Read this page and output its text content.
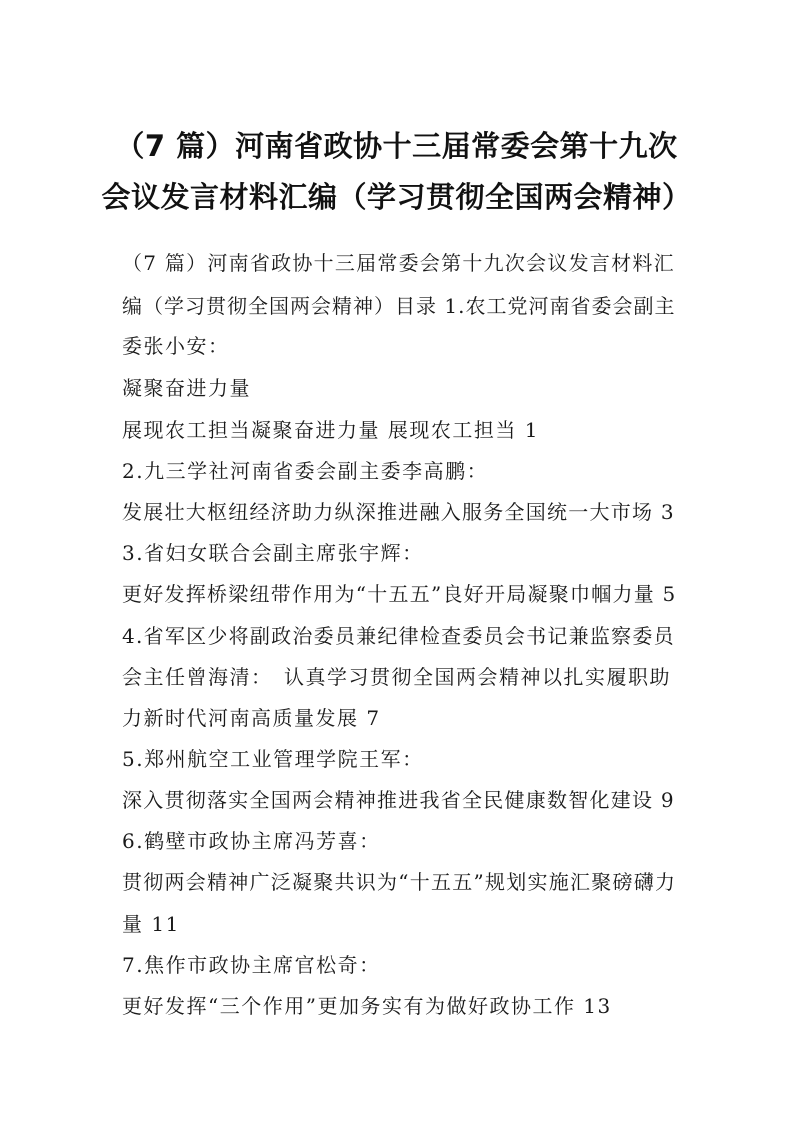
（7 篇）河南省政协十三届常委会第十九次
会议发言材料汇编（学习贯彻全国两会精神）
（7 篇）河南省政协十三届常委会第十九次会议发言材料汇
编（学习贯彻全国两会精神）目录 1.农工党河南省委会副主
委张小安：
凝聚奋进力量
展现农工担当凝聚奋进力量 展现农工担当 1
2.九三学社河南省委会副主委李高鹏：
发展壮大枢纽经济助力纵深推进融入服务全国统一大市场 3
3.省妇女联合会副主席张宇辉：
更好发挥桥梁纽带作用为“十五五”良好开局凝聚巾帼力量 5
4.省军区少将副政治委员兼纪律检查委员会书记兼监察委员
会主任曾海清：　认真学习贯彻全国两会精神以扎实履职助
力新时代河南高质量发展 7
5.郑州航空工业管理学院王军：
深入贯彻落实全国两会精神推进我省全民健康数智化建设 9
6.鹤壁市政协主席冯芳喜：
贯彻两会精神广泛凝聚共识为“十五五”规划实施汇聚磅礴力
量 11
7.焦作市政协主席官松奇：
更好发挥“三个作用”更加务实有为做好政协工作 13
